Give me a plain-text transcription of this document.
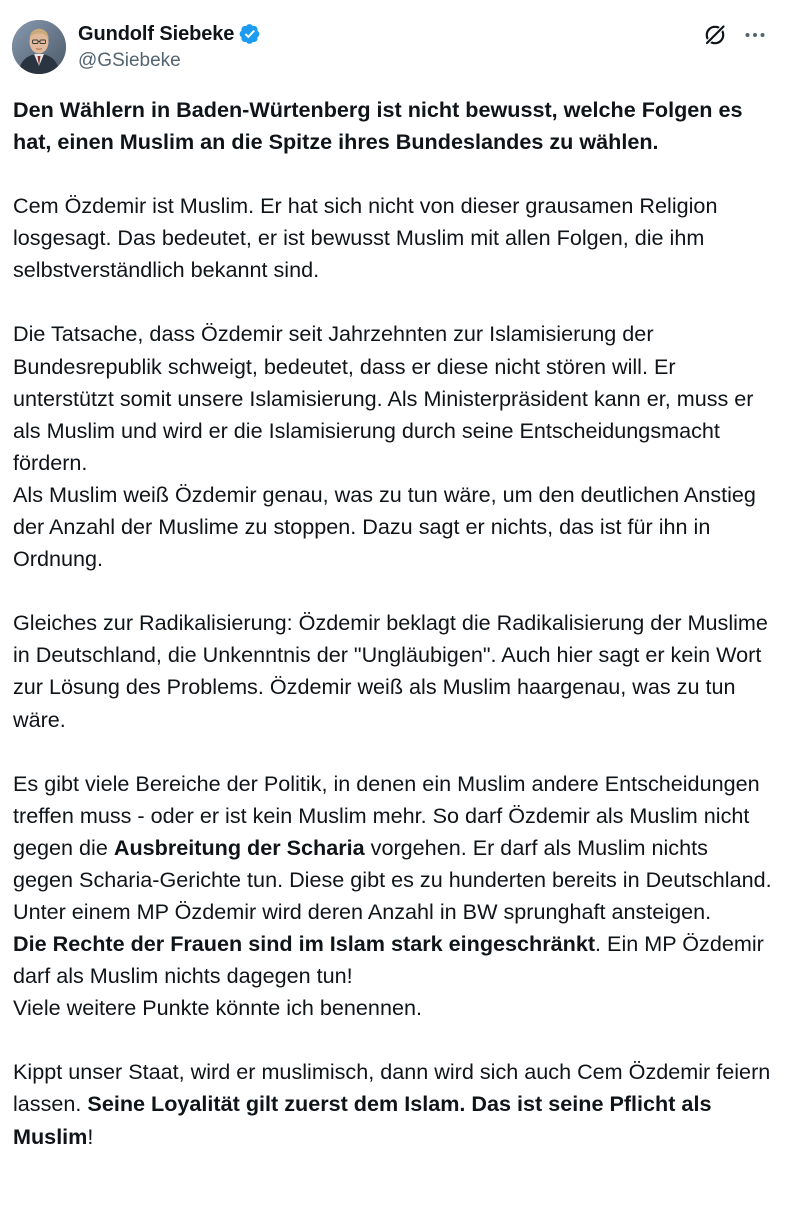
Gundolf Siebeke
@GSiebeke

Den Wählern in Baden-Würtenberg ist nicht bewusst, welche Folgen es hat, einen Muslim an die Spitze ihres Bundeslandes zu wählen.

Cem Özdemir ist Muslim. Er hat sich nicht von dieser grausamen Religion losgesagt. Das bedeutet, er ist bewusst Muslim mit allen Folgen, die ihm selbstverständlich bekannt sind.

Die Tatsache, dass Özdemir seit Jahrzehnten zur Islamisierung der Bundesrepublik schweigt, bedeutet, dass er diese nicht stören will. Er unterstützt somit unsere Islamisierung. Als Ministerpräsident kann er, muss er als Muslim und wird er die Islamisierung durch seine Entscheidungsmacht fördern.

Als Muslim weiß Özdemir genau, was zu tun wäre, um den deutlichen Anstieg der Anzahl der Muslime zu stoppen. Dazu sagt er nichts, das ist für ihn in Ordnung.

Gleiches zur Radikalisierung: Özdemir beklagt die Radikalisierung der Muslime in Deutschland, die Unkenntnis der "Ungläubigen". Auch hier sagt er kein Wort zur Lösung des Problems. Özdemir weiß als Muslim haargenau, was zu tun wäre.

Es gibt viele Bereiche der Politik, in denen ein Muslim andere Entscheidungen treffen muss - oder er ist kein Muslim mehr. So darf Özdemir als Muslim nicht gegen die Ausbreitung der Scharia vorgehen. Er darf als Muslim nichts gegen Scharia-Gerichte tun. Diese gibt es zu hunderten bereits in Deutschland. Unter einem MP Özdemir wird deren Anzahl in BW sprunghaft ansteigen.

Die Rechte der Frauen sind im Islam stark eingeschränkt. Ein MP Özdemir darf als Muslim nichts dagegen tun!

Viele weitere Punkte könnte ich benennen.

Kippt unser Staat, wird er muslimisch, dann wird sich auch Cem Özdemir feiern lassen. Seine Loyalität gilt zuerst dem Islam. Das ist seine Pflicht als Muslim!
